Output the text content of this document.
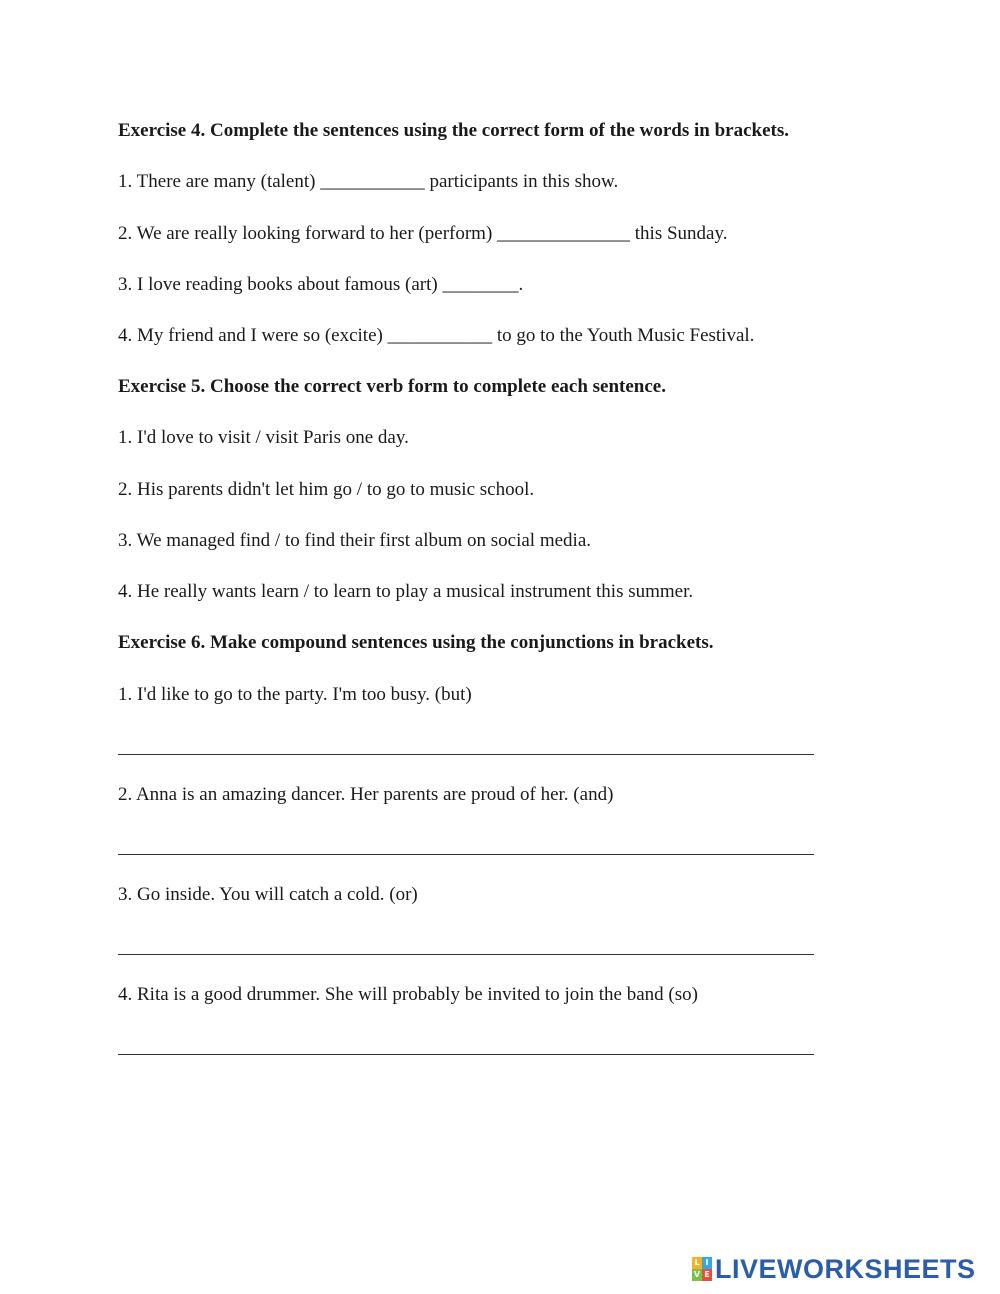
Exercise 4. Complete the sentences using the correct form of the words in brackets.
1. There are many (talent) ___________ participants in this show.
2. We are really looking forward to her (perform) ______________ this Sunday.
3. I love reading books about famous (art) ________.
4. My friend and I were so (excite) ___________ to go to the Youth Music Festival.
Exercise 5. Choose the correct verb form to complete each sentence.
1. I'd love to visit / visit Paris one day.
2. His parents didn't let him go / to go to music school.
3. We managed find / to find their first album on social media.
4. He really wants learn / to learn to play a musical instrument this summer.
Exercise 6. Make compound sentences using the conjunctions in brackets.
1. I'd like to go to the party. I'm too busy. (but)
2. Anna is an amazing dancer. Her parents are proud of her. (and)
3. Go inside. You will catch a cold. (or)
4. Rita is a good drummer. She will probably be invited to join the band (so)
L I
V E LIVEWORKSHEETS
